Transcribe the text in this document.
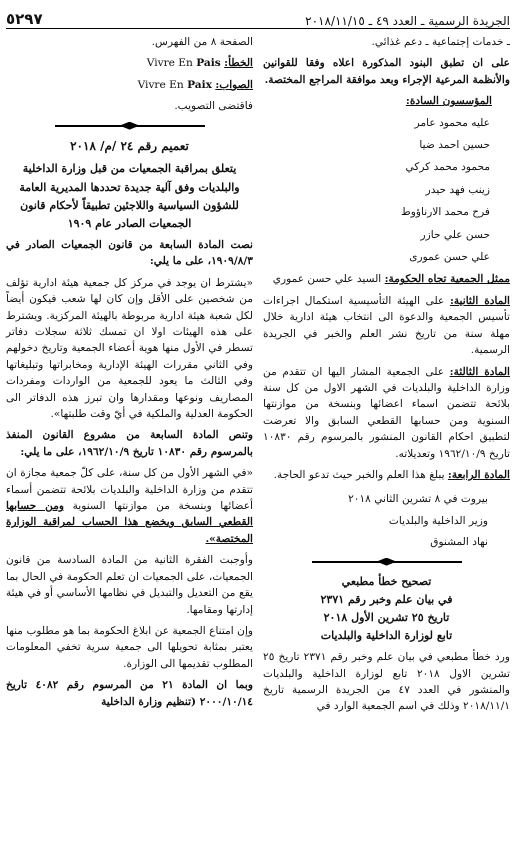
الجريدة الرسمية ـ العدد ٤٩ ـ ٢٠١٨/١١/١٥
٥٢٩٧

ـ خدمات إجتماعية ـ دعم غذائي.

على ان تطبق البنود المذكورة اعلاه وفقا للقوانين والأنظمة المرعية الإجراء وبعد موافقة المراجع المختصة.

المؤسسون السادة:

عليه محمود عامر

حسين احمد ضيا

محمود محمد كركي

زينب فهد حيدر

فرح محمد الارناؤوط

حسن علي حازر

علي حسن عمورى

ممثل الجمعية تجاه الحكومة: السيد علي حسن عموري

المادة الثانية: على الهيئة التأسيسية استكمال اجراءات تأسيس الجمعية والدعوة الى انتخاب هيئة ادارية خلال مهلة سنة من تاريخ نشر العلم والخبر في الجريدة الرسمية.

المادة الثالثة: على الجمعية المشار اليها ان تتقدم من وزارة الداخلية والبلديات في الشهر الاول من كل سنة بلائحة تتضمن اسماء اعضائها وبنسخة من موازنتها السنوية ومن حسابها القطعي السابق والا تعرضت لتطبيق احكام القانون المنشور بالمرسوم رقم ١٠٨٣٠ تاريخ ١٩٦٢/١٠/٩ وتعديلاته.

المادة الرابعة: يبلغ هذا العلم والخبر حيث تدعو الحاجة.

بيروت في ٨ تشرين الثاني ٢٠١٨

وزير الداخلية والبلديات

نهاد المشنوق

تصحيح خطأ مطبعي
في بيان علم وخبر رقم ٢٣٧١
تاريخ ٢٥ تشرين الأول ٢٠١٨
تابع لوزارة الداخلية والبلديات

ورد خطأ مطبعي في بيان علم وخبر رقم ٢٣٧١ تاريخ ٢٥ تشرين الاول ٢٠١٨ تابع لوزارة الداخلية والبلديات والمنشور في العدد ٤٧ من الجريدة الرسمية تاريخ ٢٠١٨/١١/١ وذلك في اسم الجمعية الوارد في

الصفحة ٨ من الفهرس.

الخطأ: Vivre En Pais

الصواب: Vivre En Paix

فاقتضى التصويب.

تعميم رقم ٢٤ /م/ ٢٠١٨
يتعلق بمراقبة الجمعيات من قبل وزارة الداخلية والبلديات وفق آلية جديدة تحددها المديرية العامة للشؤون السياسية واللاجئين تطبيقاً لأحكام قانون الجمعيات الصادر عام ١٩٠٩

نصت المادة السابعة من قانون الجمعيات الصادر في ١٩٠٩/٨/٣، على ما يلي:

«يشترط ان يوجد في مركز كل جمعية هيئة ادارية تؤلف من شخصين على الأقل وإن كان لها شعب فيكون أيضاً لكل شعبة هيئة ادارية مربوطة بالهيئة المركزية. ويشترط على هذه الهيئات اولا ان تمسك ثلاثة سجلات دفاتر تسطر في الأول منها هوية أعضاء الجمعية وتاريخ دخولهم وفي الثاني مقررات الهيئة الإدارية ومخابراتها وتبليغاتها وفي الثالث ما يعود للجمعية من الواردات ومفردات المصاريف ونوعها ومقدارها وان تبرز هذه الدفاتر الى الحكومة العدلية والملكية في أيّ وقت طلبتها».

وتنص المادة السابعة من مشروع القانون المنفذ بالمرسوم رقم ١٠٨٣٠ تاريخ ١٩٦٢/١٠/٩، على ما يلي:

«في الشهر الأول من كل سنة، على كلّ جمعية مجازة ان تتقدم من وزارة الداخلية والبلديات بلائحة تتضمن أسماء أعضائها وبنسخة من موازنتها السنوية ومن حسابها القطعي السابق ويخضع هذا الحساب لمراقبة الوزارة المختصة».

وأوجبت الفقرة الثانية من المادة السادسة من قانون الجمعيات، على الجمعيات ان تعلم الحكومة في الحال بما يقع من التعديل والتبديل في نظامها الأساسي أو في هيئة إدارتها ومقامها.

وإن امتناع الجمعية عن ابلاغ الحكومة بما هو مطلوب منها يعتبر بمثابة تحويلها الى جمعية سرية تخفي المعلومات المطلوب تقديمها الى الوزارة.

وبما ان المادة ٢١ من المرسوم رقم ٤٠٨٢ تاريخ ٢٠٠٠/١٠/١٤ (تنظيم وزارة الداخلية
